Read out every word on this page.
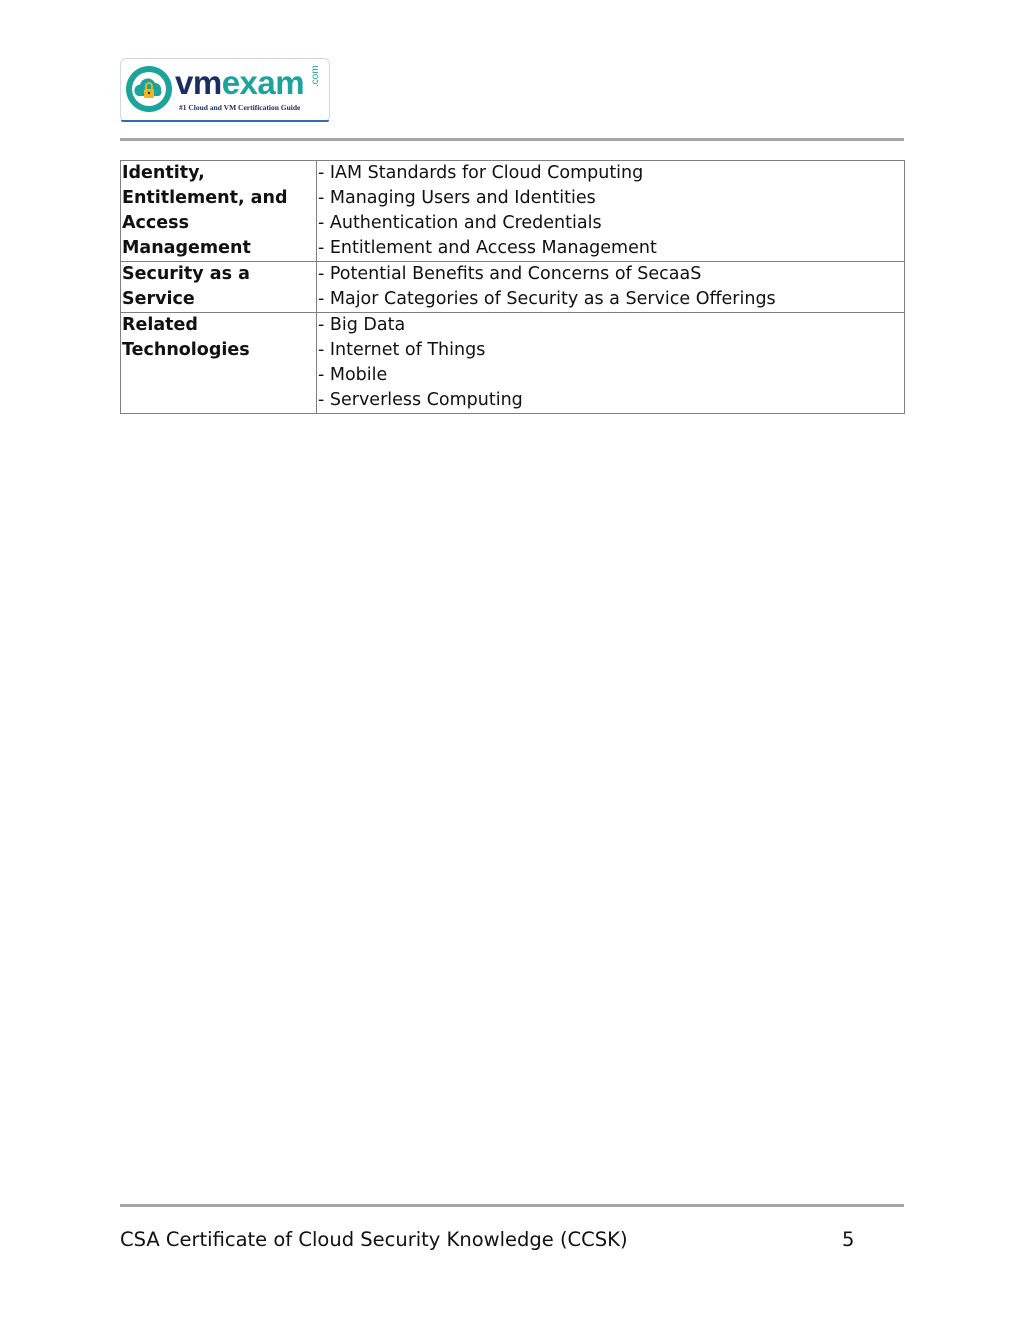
vmexam .com
#1 Cloud and VM Certification Guide
Identity, Entitlement, and Access Management	- IAM Standards for Cloud Computing
- Managing Users and Identities
- Authentication and Credentials
- Entitlement and Access Management

Security as a Service	- Potential Benefits and Concerns of SecaaS
- Major Categories of Security as a Service Offerings

Related Technologies	- Big Data
- Internet of Things
- Mobile
- Serverless Computing
CSA Certificate of Cloud Security Knowledge (CCSK)	5
